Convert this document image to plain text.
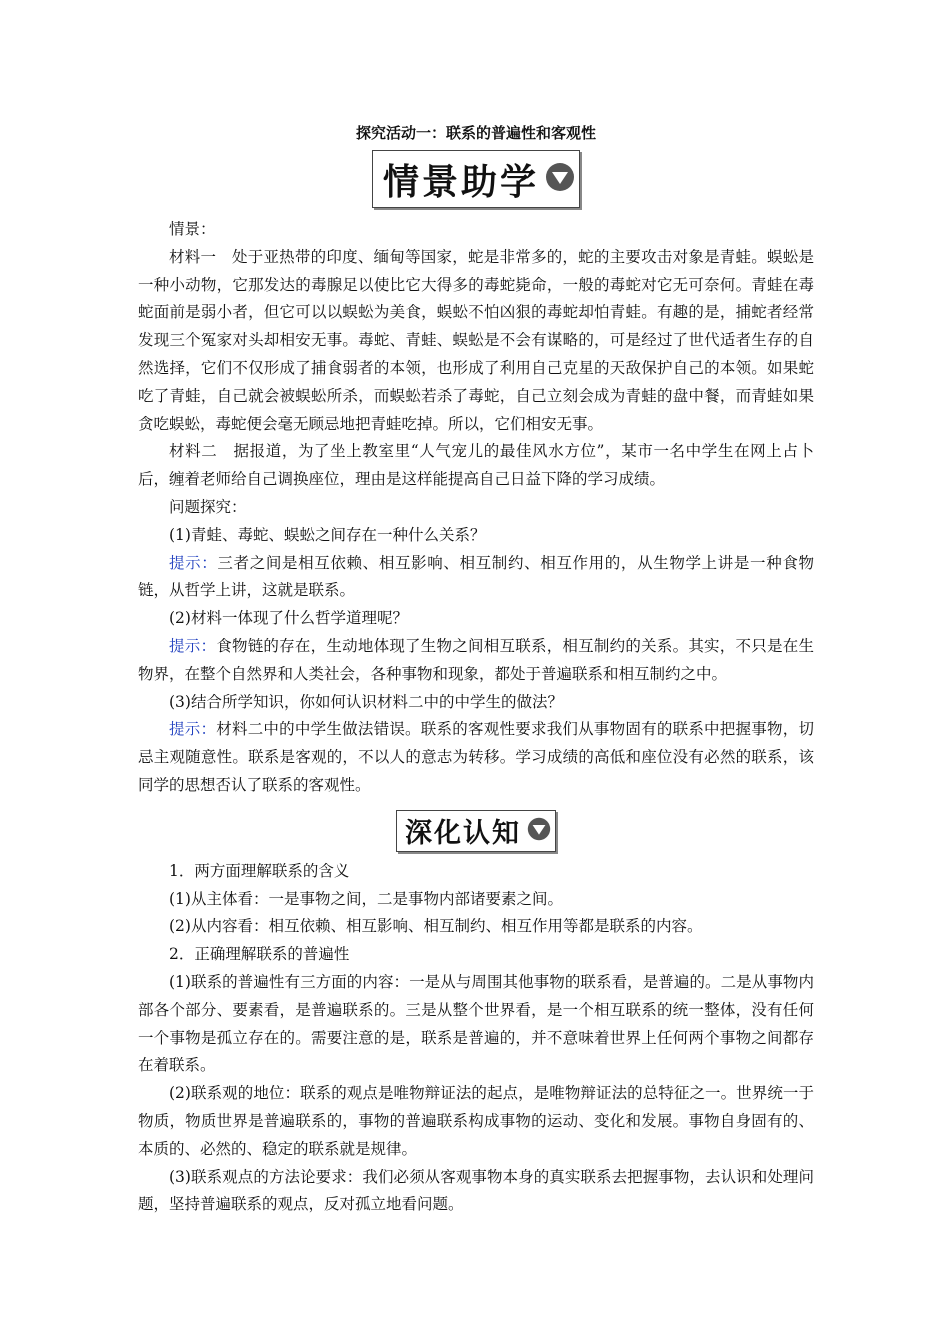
探究活动一：联系的普遍性和客观性
情景助学

情景：

材料一　 处于亚热带的印度、缅甸等国家，蛇是非常多的，蛇的主要攻击对象是青蛙。蜈蚣是一种小动物，它那发达的毒腺足以使比它大得多的毒蛇毙命，一般的毒蛇对它无可奈何。青蛙在毒蛇面前是弱小者，但它可以以蜈蚣为美食，蜈蚣不怕凶狠的毒蛇却怕青蛙。有趣的是，捕蛇者经常发现三个冤家对头却相安无事。毒蛇、青蛙、蜈蚣是不会有谋略的，可是经过了世代适者生存的自然选择，它们不仅形成了捕食弱者的本领，也形成了利用自己克星的天敌保护自己的本领。如果蛇吃了青蛙，自己就会被蜈蚣所杀，而蜈蚣若杀了毒蛇，自己立刻会成为青蛙的盘中餐，而青蛙如果贪吃蜈蚣，毒蛇便会毫无顾忌地把青蛙吃掉。所以，它们相安无事。

材料二　 据报道，为了坐上教室里“人气宠儿的最佳风水方位”，某市一名中学生在网上占卜后，缠着老师给自己调换座位，理由是这样能提高自己日益下降的学习成绩。

问题探究：

(1)青蛙、毒蛇、蜈蚣之间存在一种什么关系？

提示：三者之间是相互依赖、相互影响、相互制约、相互作用的，从生物学上讲是一种食物链，从哲学上讲，这就是联系。

(2)材料一体现了什么哲学道理呢？

提示：食物链的存在，生动地体现了生物之间相互联系，相互制约的关系。其实，不只是在生物界，在整个自然界和人类社会，各种事物和现象，都处于普遍联系和相互制约之中。

(3)结合所学知识，你如何认识材料二中的中学生的做法？

提示：材料二中的中学生做法错误。联系的客观性要求我们从事物固有的联系中把握事物，切忌主观随意性。联系是客观的，不以人的意志为转移。学习成绩的高低和座位没有必然的联系，该同学的思想否认了联系的客观性。

深化认知

1．两方面理解联系的含义

(1)从主体看：一是事物之间，二是事物内部诸要素之间。

(2)从内容看：相互依赖、相互影响、相互制约、相互作用等都是联系的内容。

2．正确理解联系的普遍性

(1)联系的普遍性有三方面的内容：一是从与周围其他事物的联系看，是普遍的。二是从事物内部各个部分、要素看，是普遍联系的。三是从整个世界看，是一个相互联系的统一整体，没有任何一个事物是孤立存在的。需要注意的是，联系是普遍的，并不意味着世界上任何两个事物之间都存在着联系。

(2)联系观的地位：联系的观点是唯物辩证法的起点，是唯物辩证法的总特征之一。世界统一于物质，物质世界是普遍联系的，事物的普遍联系构成事物的运动、变化和发展。事物自身固有的、本质的、必然的、稳定的联系就是规律。

(3)联系观点的方法论要求：我们必须从客观事物本身的真实联系去把握事物，去认识和处理问题，坚持普遍联系的观点，反对孤立地看问题。
